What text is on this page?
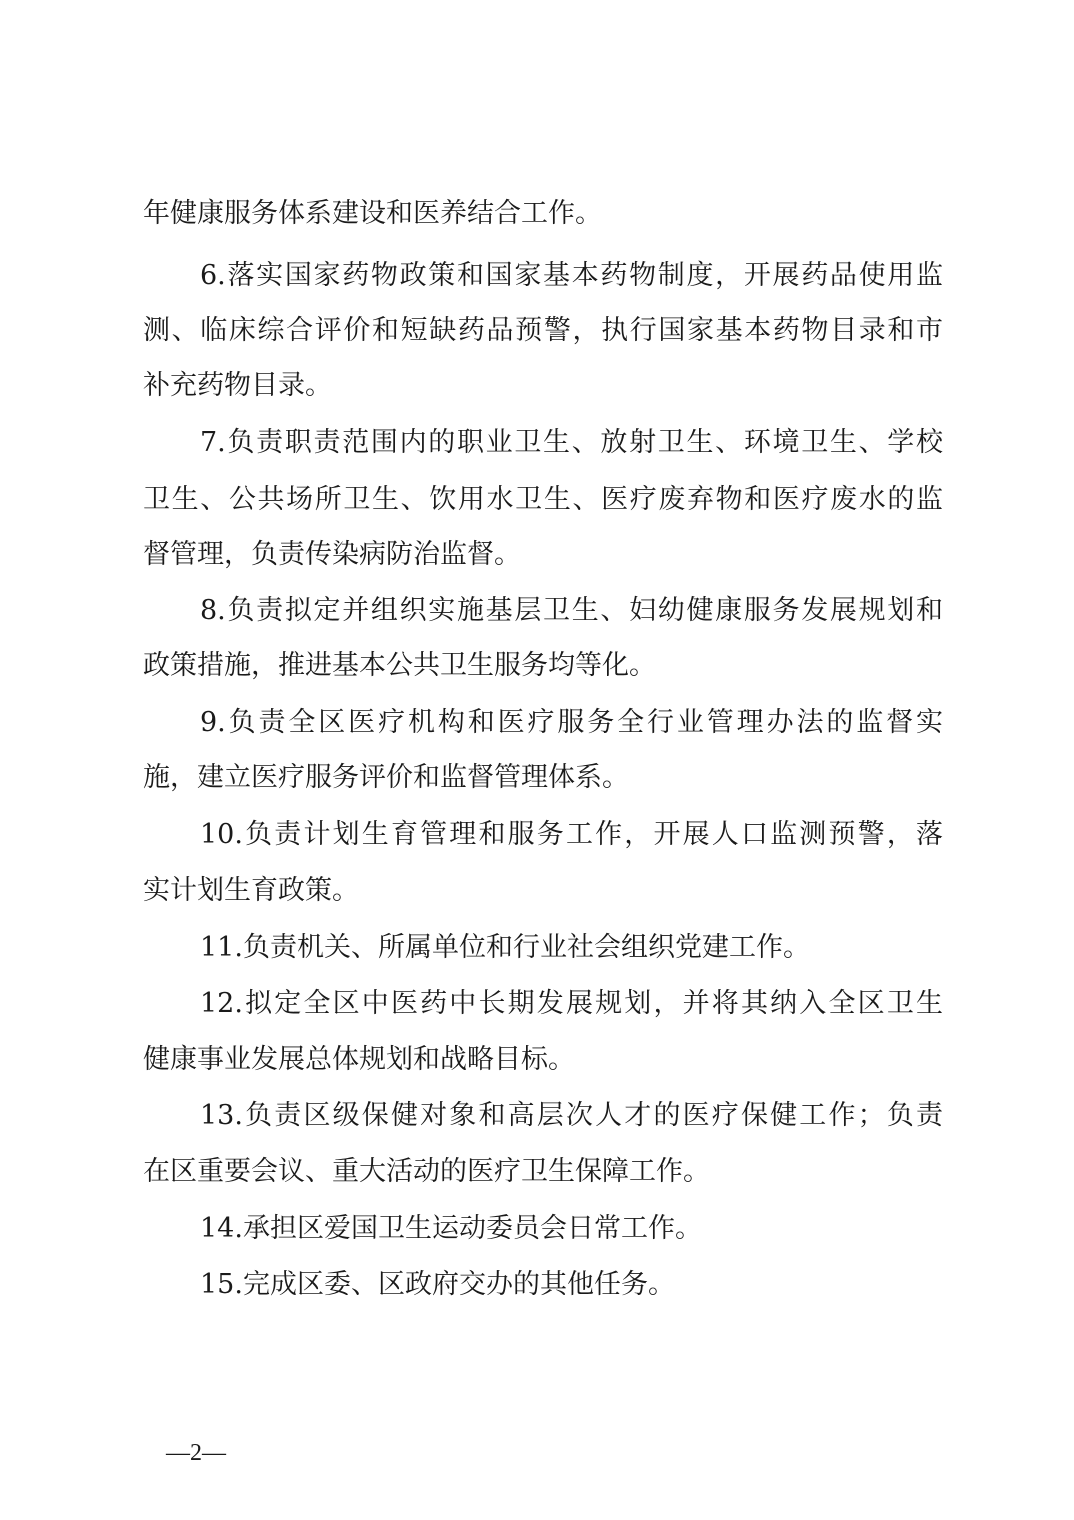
年健康服务体系建设和医养结合工作。
6.落实国家药物政策和国家基本药物制度，开展药品使用监
测、临床综合评价和短缺药品预警，执行国家基本药物目录和市
补充药物目录。
7.负责职责范围内的职业卫生、放射卫生、环境卫生、学校
卫生、公共场所卫生、饮用水卫生、医疗废弃物和医疗废水的监
督管理，负责传染病防治监督。
8.负责拟定并组织实施基层卫生、妇幼健康服务发展规划和
政策措施，推进基本公共卫生服务均等化。
9.负责全区医疗机构和医疗服务全行业管理办法的监督实
施，建立医疗服务评价和监督管理体系。
10.负责计划生育管理和服务工作，开展人口监测预警，落
实计划生育政策。
11.负责机关、所属单位和行业社会组织党建工作。
12.拟定全区中医药中长期发展规划，并将其纳入全区卫生
健康事业发展总体规划和战略目标。
13.负责区级保健对象和高层次人才的医疗保健工作；负责
在区重要会议、重大活动的医疗卫生保障工作。
14.承担区爱国卫生运动委员会日常工作。
15.完成区委、区政府交办的其他任务。
—2—
